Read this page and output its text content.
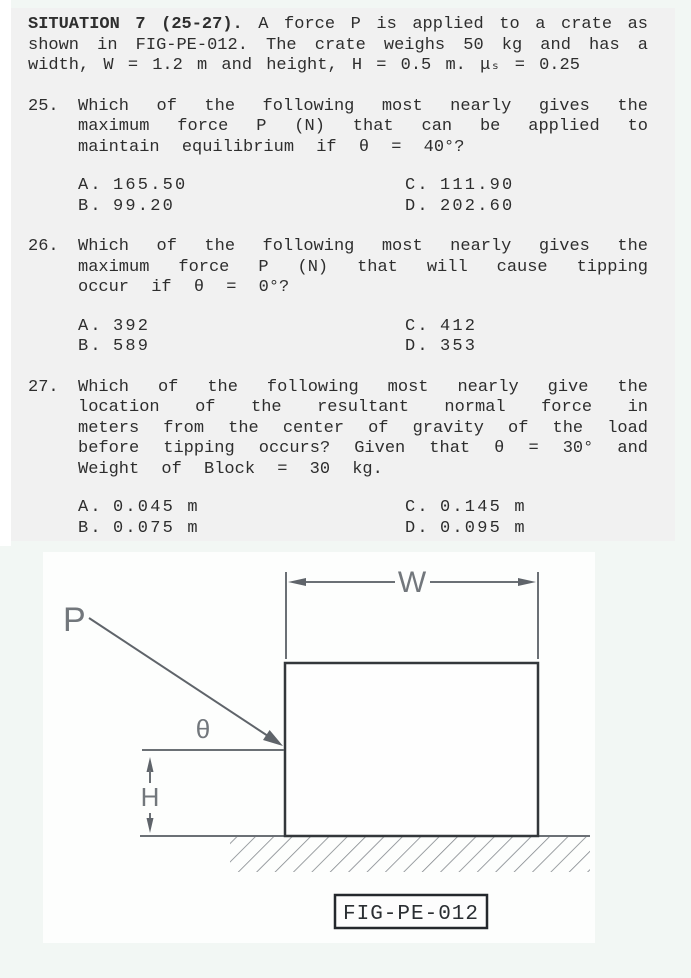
SITUATION 7 (25-27). A force P is applied to a crate as shown in FIG-PE-012. The crate weighs 50 kg and has a width, W = 1.2 m and height, H = 0.5 m. μₛ = 0.25

25.	Which of the following most nearly gives the maximum force P (N) that can be applied to maintain equilibrium if θ = 40°?

A. 165.50	C. 111.90
B. 99.20	D. 202.60
26.	Which of the following most nearly gives the maximum force P (N) that will cause tipping occur if θ = 0°?

A. 392	C. 412
B. 589	D. 353
27.	Which of the following most nearly give the location of the resultant normal force in meters from the center of gravity of the load before tipping occurs? Given that θ = 30° and Weight of Block = 30 kg.

A. 0.045 m	C. 0.145 m
B. 0.075 m	D. 0.095 m
W
P
θ
H
FIG-PE-012
